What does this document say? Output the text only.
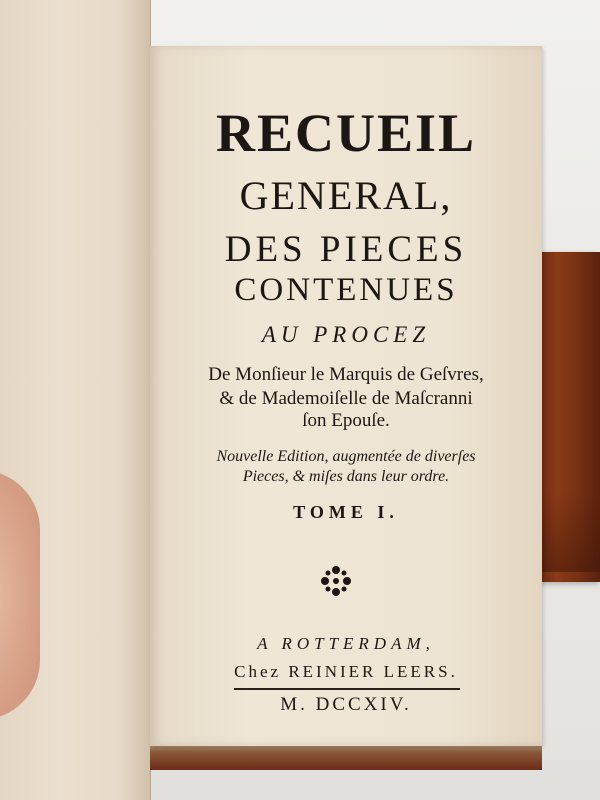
RECUEIL
GENERAL,
DES PIECES
CONTENUES
AU PROCEZ
De Monſieur le Marquis de Geſvres,
& de Mademoiſelle de Maſcranni
ſon Epouſe.
Nouvelle Edition, augmentée de diverſes
Pieces, & miſes dans leur ordre.
TOME I.
A ROTTERDAM,
Chez REINIER LEERS.
M. DCCXIV.
